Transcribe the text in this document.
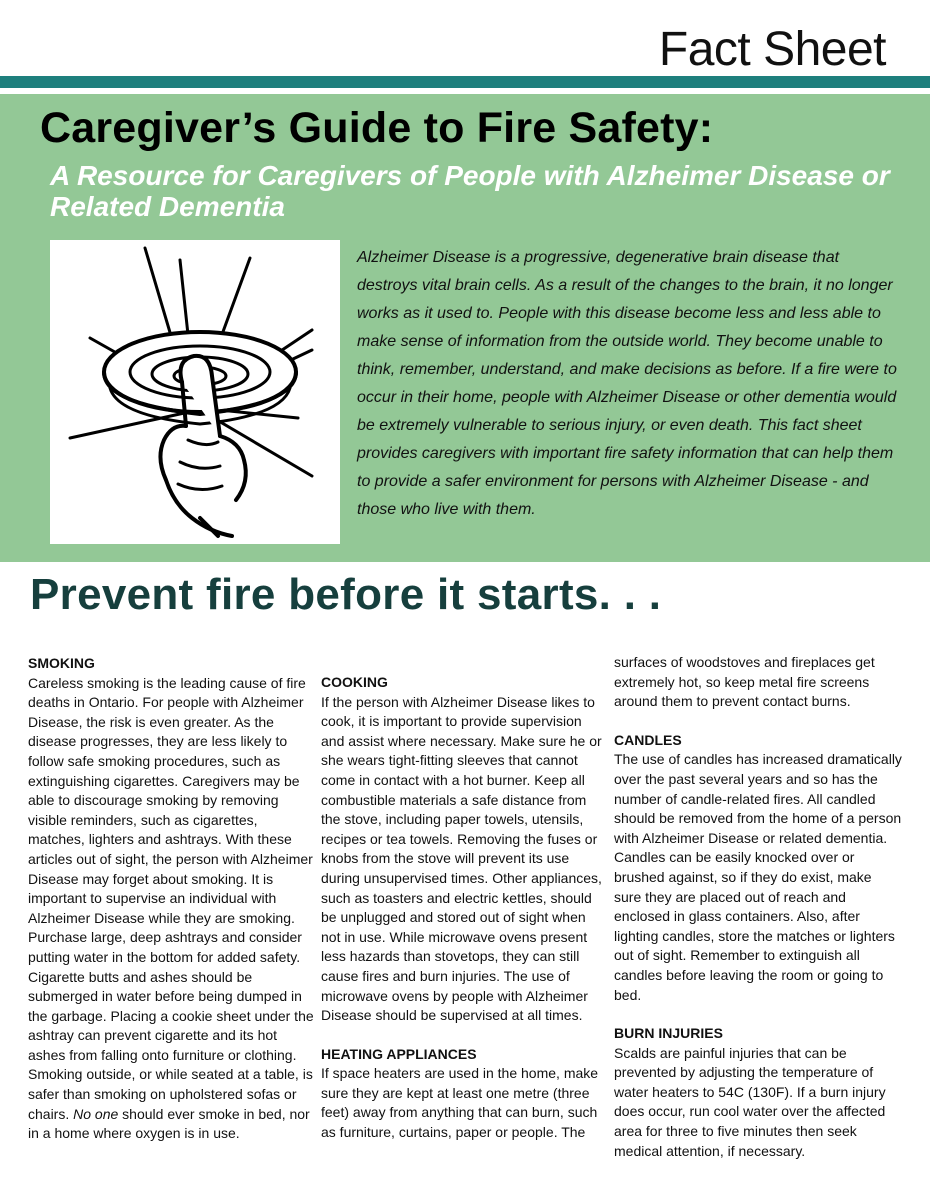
Fact Sheet
Caregiver’s Guide to Fire Safety:
A Resource for Caregivers of People with Alzheimer Disease or Related Dementia

Alzheimer Disease is a progressive, degenerative brain disease that destroys vital brain cells. As a result of the changes to the brain, it no longer works as it used to. People with this disease become less and less able to make sense of information from the outside world. They become unable to think, remember, understand, and make decisions as before. If a fire were to occur in their home, people with Alzheimer Disease or other dementia would be extremely vulnerable to serious injury, or even death. This fact sheet provides caregivers with important fire safety information that can help them to provide a safer environment for persons with Alzheimer Disease - and those who live with them.

Prevent fire before it starts. . .
SMOKING

Careless smoking is the leading cause of fire deaths in Ontario. For people with Alzheimer Disease, the risk is even greater. As the disease progresses, they are less likely to follow safe smoking procedures, such as extinguishing cigarettes. Caregivers may be able to discourage smoking by removing visible reminders, such as cigarettes, matches, lighters and ashtrays. With these articles out of sight, the person with Alzheimer Disease may forget about smoking. It is important to supervise an individual with Alzheimer Disease while they are smoking. Purchase large, deep ashtrays and consider putting water in the bottom for added safety. Cigarette butts and ashes should be submerged in water before being dumped in the garbage. Placing a cookie sheet under the ashtray can prevent cigarette and its hot ashes from falling onto furniture or clothing. Smoking outside, or while seated at a table, is safer than smoking on upholstered sofas or chairs. No one should ever smoke in bed, nor in a home where oxygen is in use.

COOKING

If the person with Alzheimer Disease likes to cook, it is important to provide supervision and assist where necessary. Make sure he or she wears tight-fitting sleeves that cannot come in contact with a hot burner. Keep all combustible materials a safe distance from the stove, including paper towels, utensils, recipes or tea towels. Removing the fuses or knobs from the stove will prevent its use during unsupervised times. Other appliances, such as toasters and electric kettles, should be unplugged and stored out of sight when not in use. While microwave ovens present less hazards than stovetops, they can still cause fires and burn injuries. The use of microwave ovens by people with Alzheimer Disease should be supervised at all times.

HEATING APPLIANCES

If space heaters are used in the home, make sure they are kept at least one metre (three feet) away from anything that can burn, such as furniture, curtains, paper or people. The

surfaces of woodstoves and fireplaces get extremely hot, so keep metal fire screens around them to prevent contact burns.

CANDLES

The use of candles has increased dramatically over the past several years and so has the number of candle-related fires. All candled should be removed from the home of a person with Alzheimer Disease or related dementia. Candles can be easily knocked over or brushed against, so if they do exist, make sure they are placed out of reach and enclosed in glass containers. Also, after lighting candles, store the matches or lighters out of sight. Remember to extinguish all candles before leaving the room or going to bed.

BURN INJURIES

Scalds are painful injuries that can be prevented by adjusting the temperature of water heaters to 54C (130F). If a burn injury does occur, run cool water over the affected area for three to five minutes then seek medical attention, if necessary.
